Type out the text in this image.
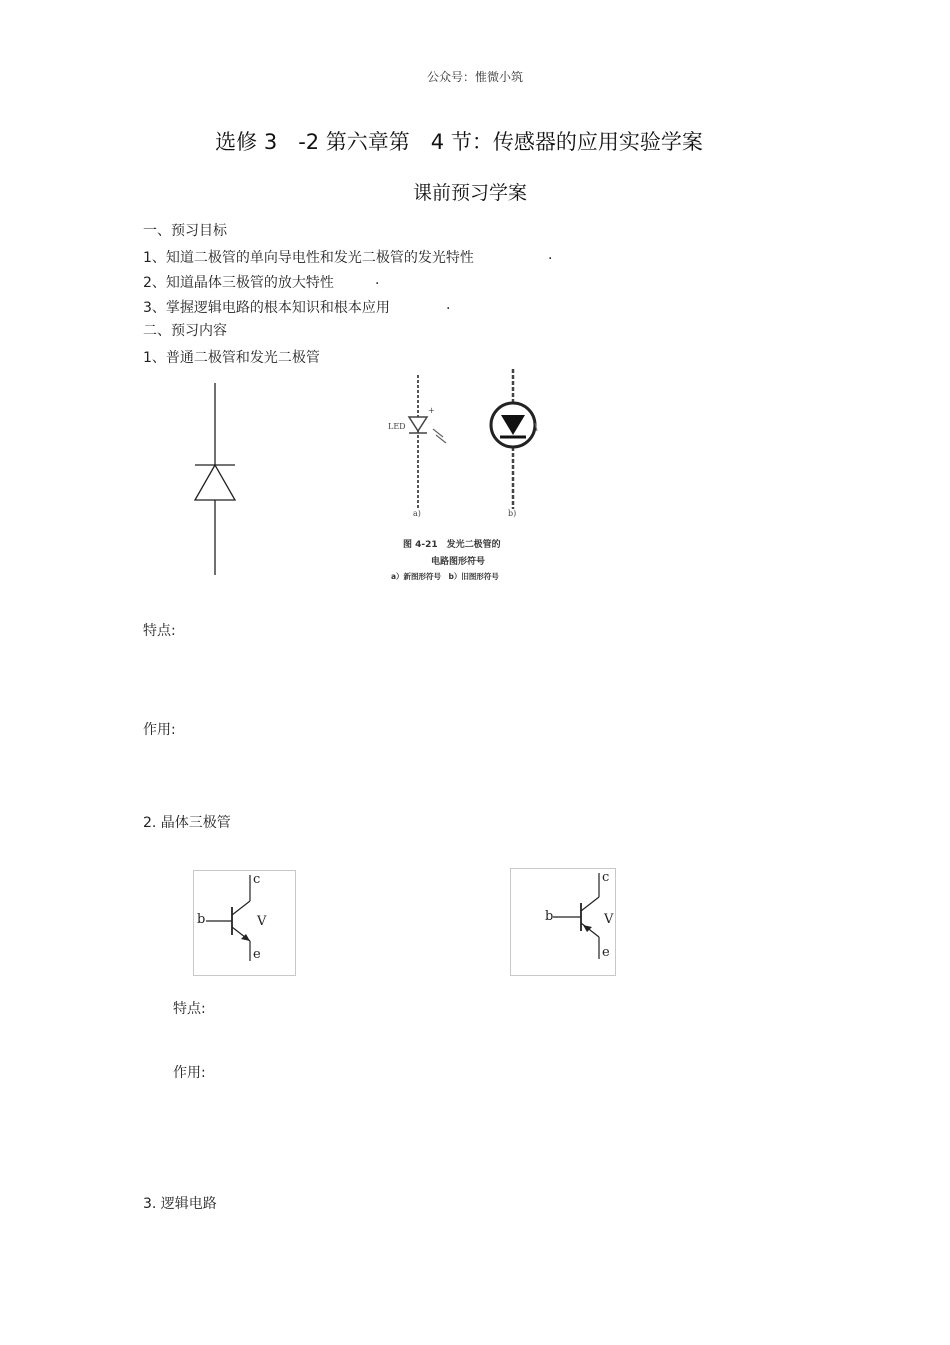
公众号：惟微小筑
选修 3　-2 第六章第　4 节：传感器的应用实验学案
课前预习学案
一、预习目标
1、知道二极管的单向导电性和发光二极管的发光特性	.
2、知道晶体三极管的放大特性	.
3、掌握逻辑电路的根本知识和根本应用	.
二、预习内容
1、普通二极管和发光二极管
+
LED
a)	b)
图 4-21　发光二极管的
电路图形符号
a）新图形符号　b）旧图形符号
特点:
作用:
2. 晶体三极管
c
b	V
e
c
b	V
e
特点:
作用:
3. 逻辑电路
